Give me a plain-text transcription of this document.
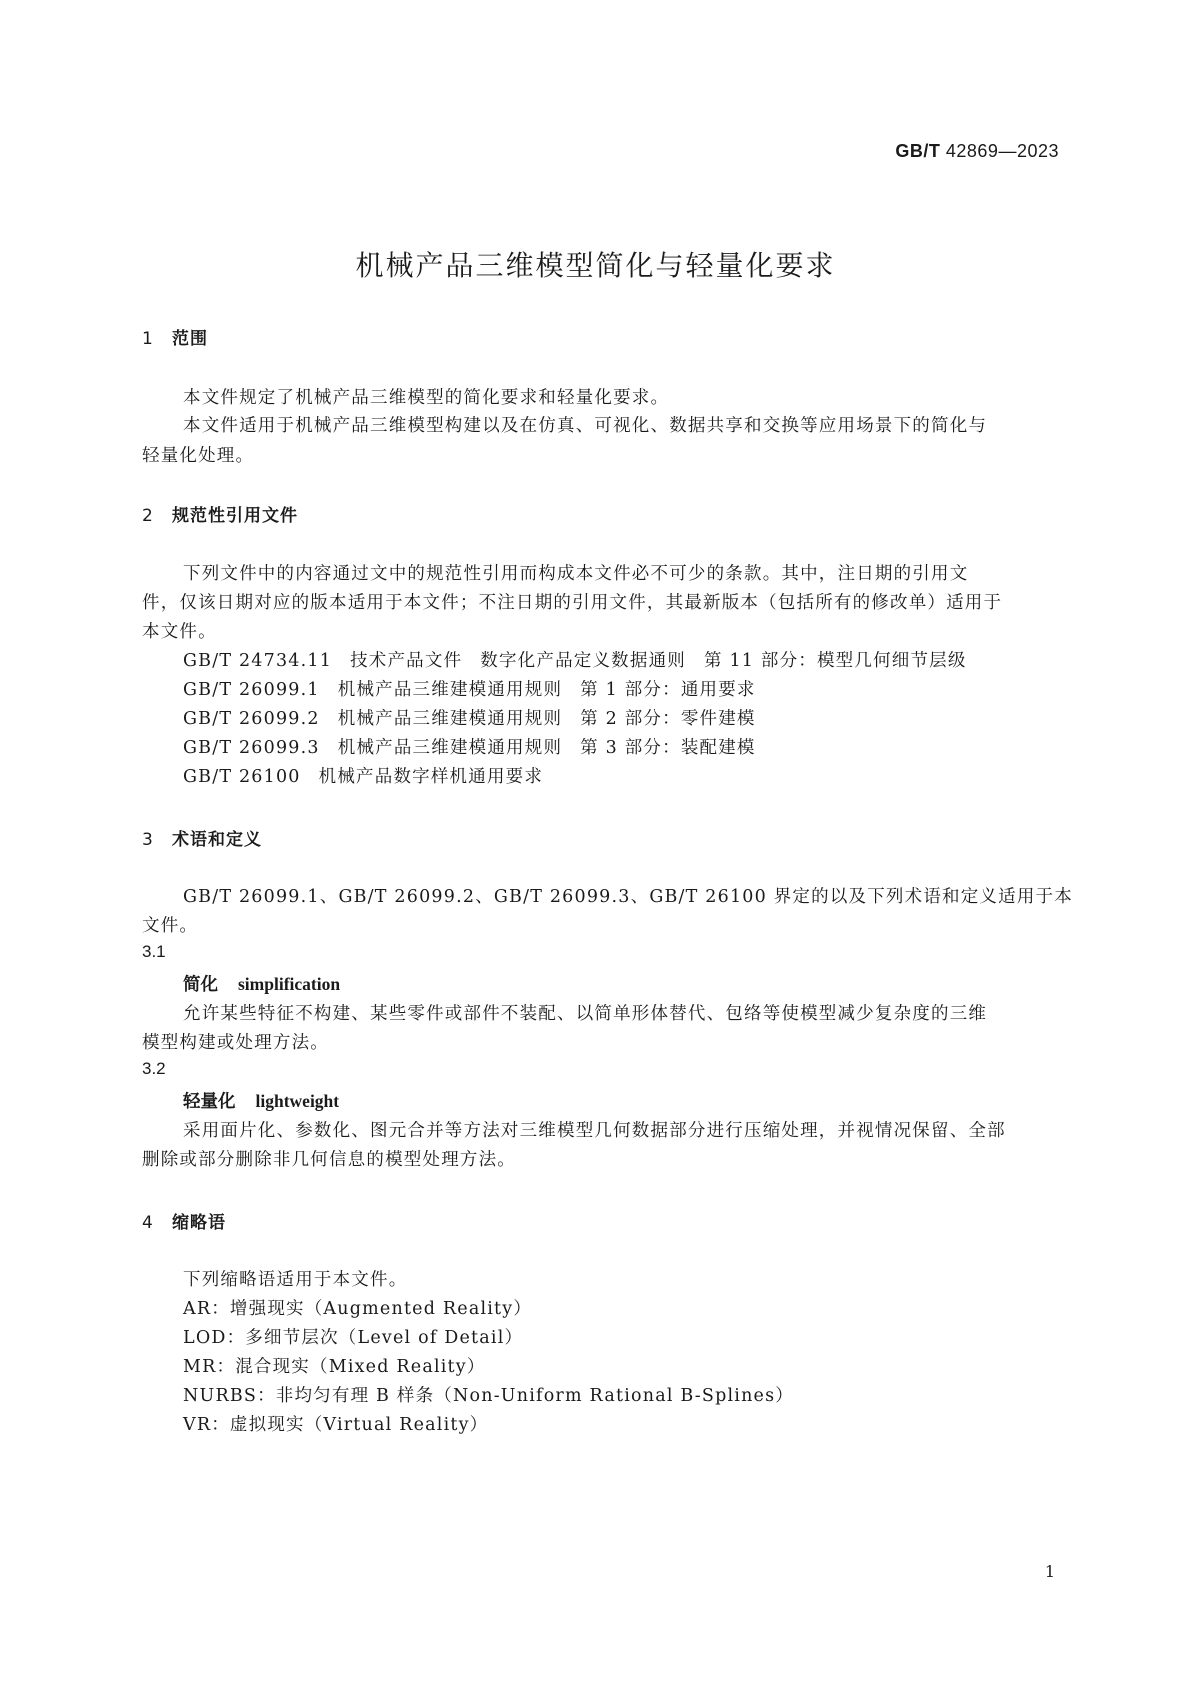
GB/T 42869—2023
机械产品三维模型简化与轻量化要求
1 范围
本文件规定了机械产品三维模型的简化要求和轻量化要求。
本文件适用于机械产品三维模型构建以及在仿真、可视化、数据共享和交换等应用场景下的简化与
轻量化处理。
2 规范性引用文件
下列文件中的内容通过文中的规范性引用而构成本文件必不可少的条款。其中，注日期的引用文
件，仅该日期对应的版本适用于本文件；不注日期的引用文件，其最新版本（包括所有的修改单）适用于
本文件。
GB/T 24734.11 技术产品文件 数字化产品定义数据通则 第 11 部分：模型几何细节层级
GB/T 26099.1 机械产品三维建模通用规则 第 1 部分：通用要求
GB/T 26099.2 机械产品三维建模通用规则 第 2 部分：零件建模
GB/T 26099.3 机械产品三维建模通用规则 第 3 部分：装配建模
GB/T 26100 机械产品数字样机通用要求
3 术语和定义
GB/T 26099.1、GB/T 26099.2、GB/T 26099.3、GB/T 26100 界定的以及下列术语和定义适用于本
文件。
3.1
简化 simplification
允许某些特征不构建、某些零件或部件不装配、以简单形体替代、包络等使模型减少复杂度的三维
模型构建或处理方法。
3.2
轻量化 lightweight
采用面片化、参数化、图元合并等方法对三维模型几何数据部分进行压缩处理，并视情况保留、全部
删除或部分删除非几何信息的模型处理方法。
4 缩略语
下列缩略语适用于本文件。
AR：增强现实（Augmented Reality）
LOD：多细节层次（Level of Detail）
MR：混合现实（Mixed Reality）
NURBS：非均匀有理 B 样条（Non-Uniform Rational B-Splines）
VR：虚拟现实（Virtual Reality）
1
